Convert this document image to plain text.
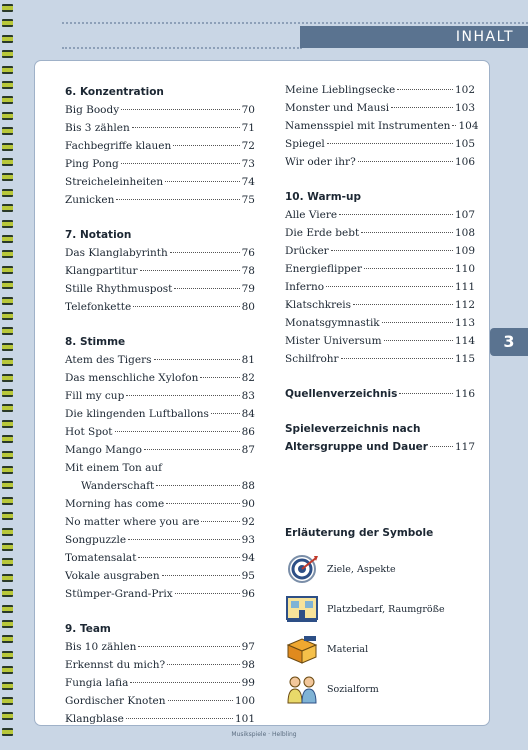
INHALT
6. Konzentration
Big Boody	70
Bis 3 zählen	71
Fachbegriffe klauen	72
Ping Pong	73
Streicheleinheiten	74
Zunicken	75
7. Notation
Das Klanglabyrinth	76
Klangpartitur	78
Stille Rhythmuspost	79
Telefonkette	80
8. Stimme
Atem des Tigers	81
Das menschliche Xylofon	82
Fill my cup	83
Die klingenden Luftballons	84
Hot Spot	86
Mango Mango	87
Mit einem Ton auf
Wanderschaft	88
Morning has come	90
No matter where you are	92
Songpuzzle	93
Tomatensalat	94
Vokale ausgraben	95
Stümper-Grand-Prix	96
9. Team
Bis 10 zählen	97
Erkennst du mich?	98
Fungia lafia	99
Gordischer Knoten	100
Klangblase	101
Meine Lieblingsecke	102
Monster und Mausi	103
Namensspiel mit Instrumenten 104
Spiegel	105
Wir oder ihr?	106
10. Warm-up
Alle Viere	107
Die Erde bebt	108
Drücker	109
Energieflipper	110
Inferno	111
Klatschkreis	112
Monatsgymnastik	113
Mister Universum	114
Schilfrohr	115
Quellenverzeichnis	116
Spieleverzeichnis nach
Altersgruppe und Dauer	117
Erläuterung der Symbole
Ziele, Aspekte
Platzbedarf, Raumgröße
Material
Sozialform
3
Musikspiele · Helbling
